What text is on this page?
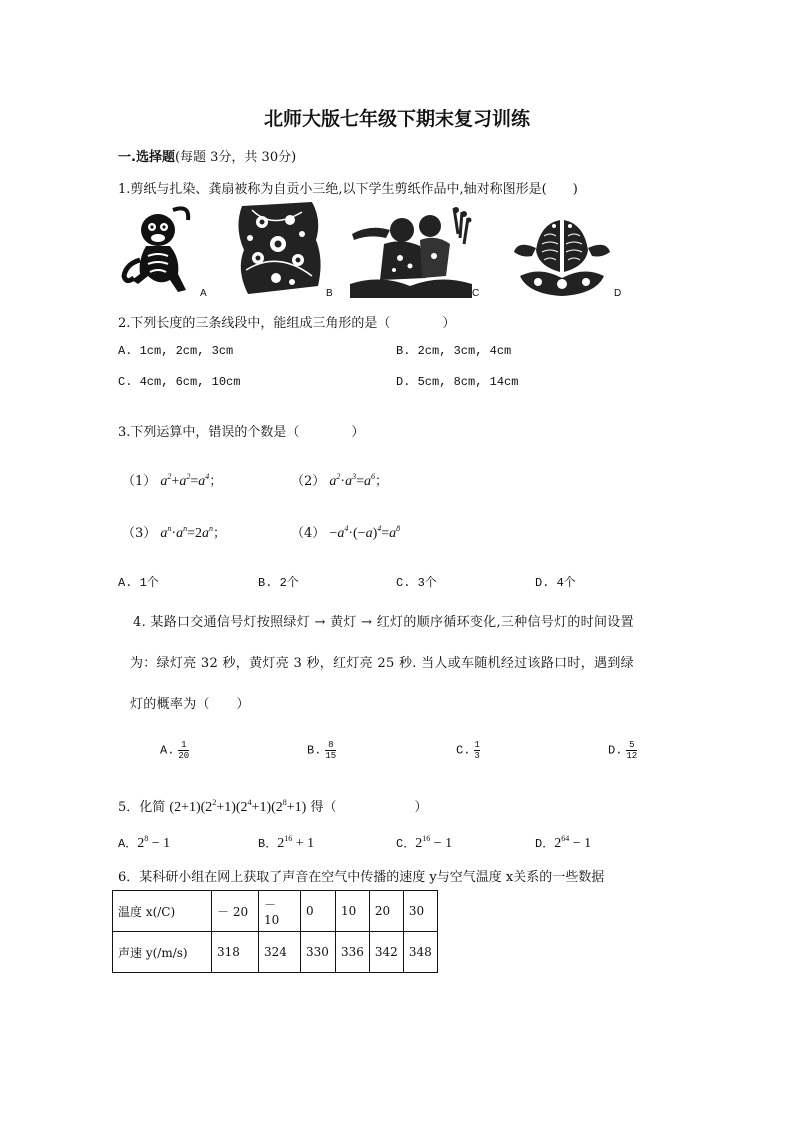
北师大版七年级下期末复习训练
一.选择题(每题 3分，共 30分)
1.剪纸与扎染、龚扇被称为自贡小三绝,以下学生剪纸作品中,轴对称图形是(　　)
A	B	C	D
2.下列长度的三条线段中，能组成三角形的是（　　　　）
A. 1cm, 2cm, 3cm	B. 2cm, 3cm, 4cm
C. 4cm, 6cm, 10cm	D. 5cm, 8cm, 14cm
3.下列运算中，错误的个数是（　　　　）
（1） $a^2+a^2=a^4$；	（2） $a^2\cdot a^3=a^6$；
（3） $a^n\cdot a^n=2a^n$；	$(4) -a^4\cdot(-a)^4=a^8$
A. 1个	B. 2个	C. 3个	D. 4个
4. 某路口交通信号灯按照绿灯 → 黄灯 → 红灯的顺序循环变化,三种信号灯的时间设置
为：绿灯亮 32 秒，黄灯亮 3 秒，红灯亮 25 秒. 当人或车随机经过该路口时，遇到绿
灯的概率为（　　）
A. $\frac{1}{20}$	B. $\frac{8}{15}$	C. $\frac{1}{3}$	D. $\frac{5}{12}$
5．化简 $(2+1)(2^2+1)(2^4+1)(2^8+1)$ 得（　　　　　　）
A．$2^8 - 1$	B．$2^{16} + 1$	C．$2^{16} - 1$	D．$2^{64} - 1$
6．某科研小组在网上获取了声音在空气中传播的速度 y与空气温度 x关系的一些数据
温度 x(/C)	－ 20	－ 10	0	10	20	30
声速 y(/m/s)	318	324	330	336	342	348
